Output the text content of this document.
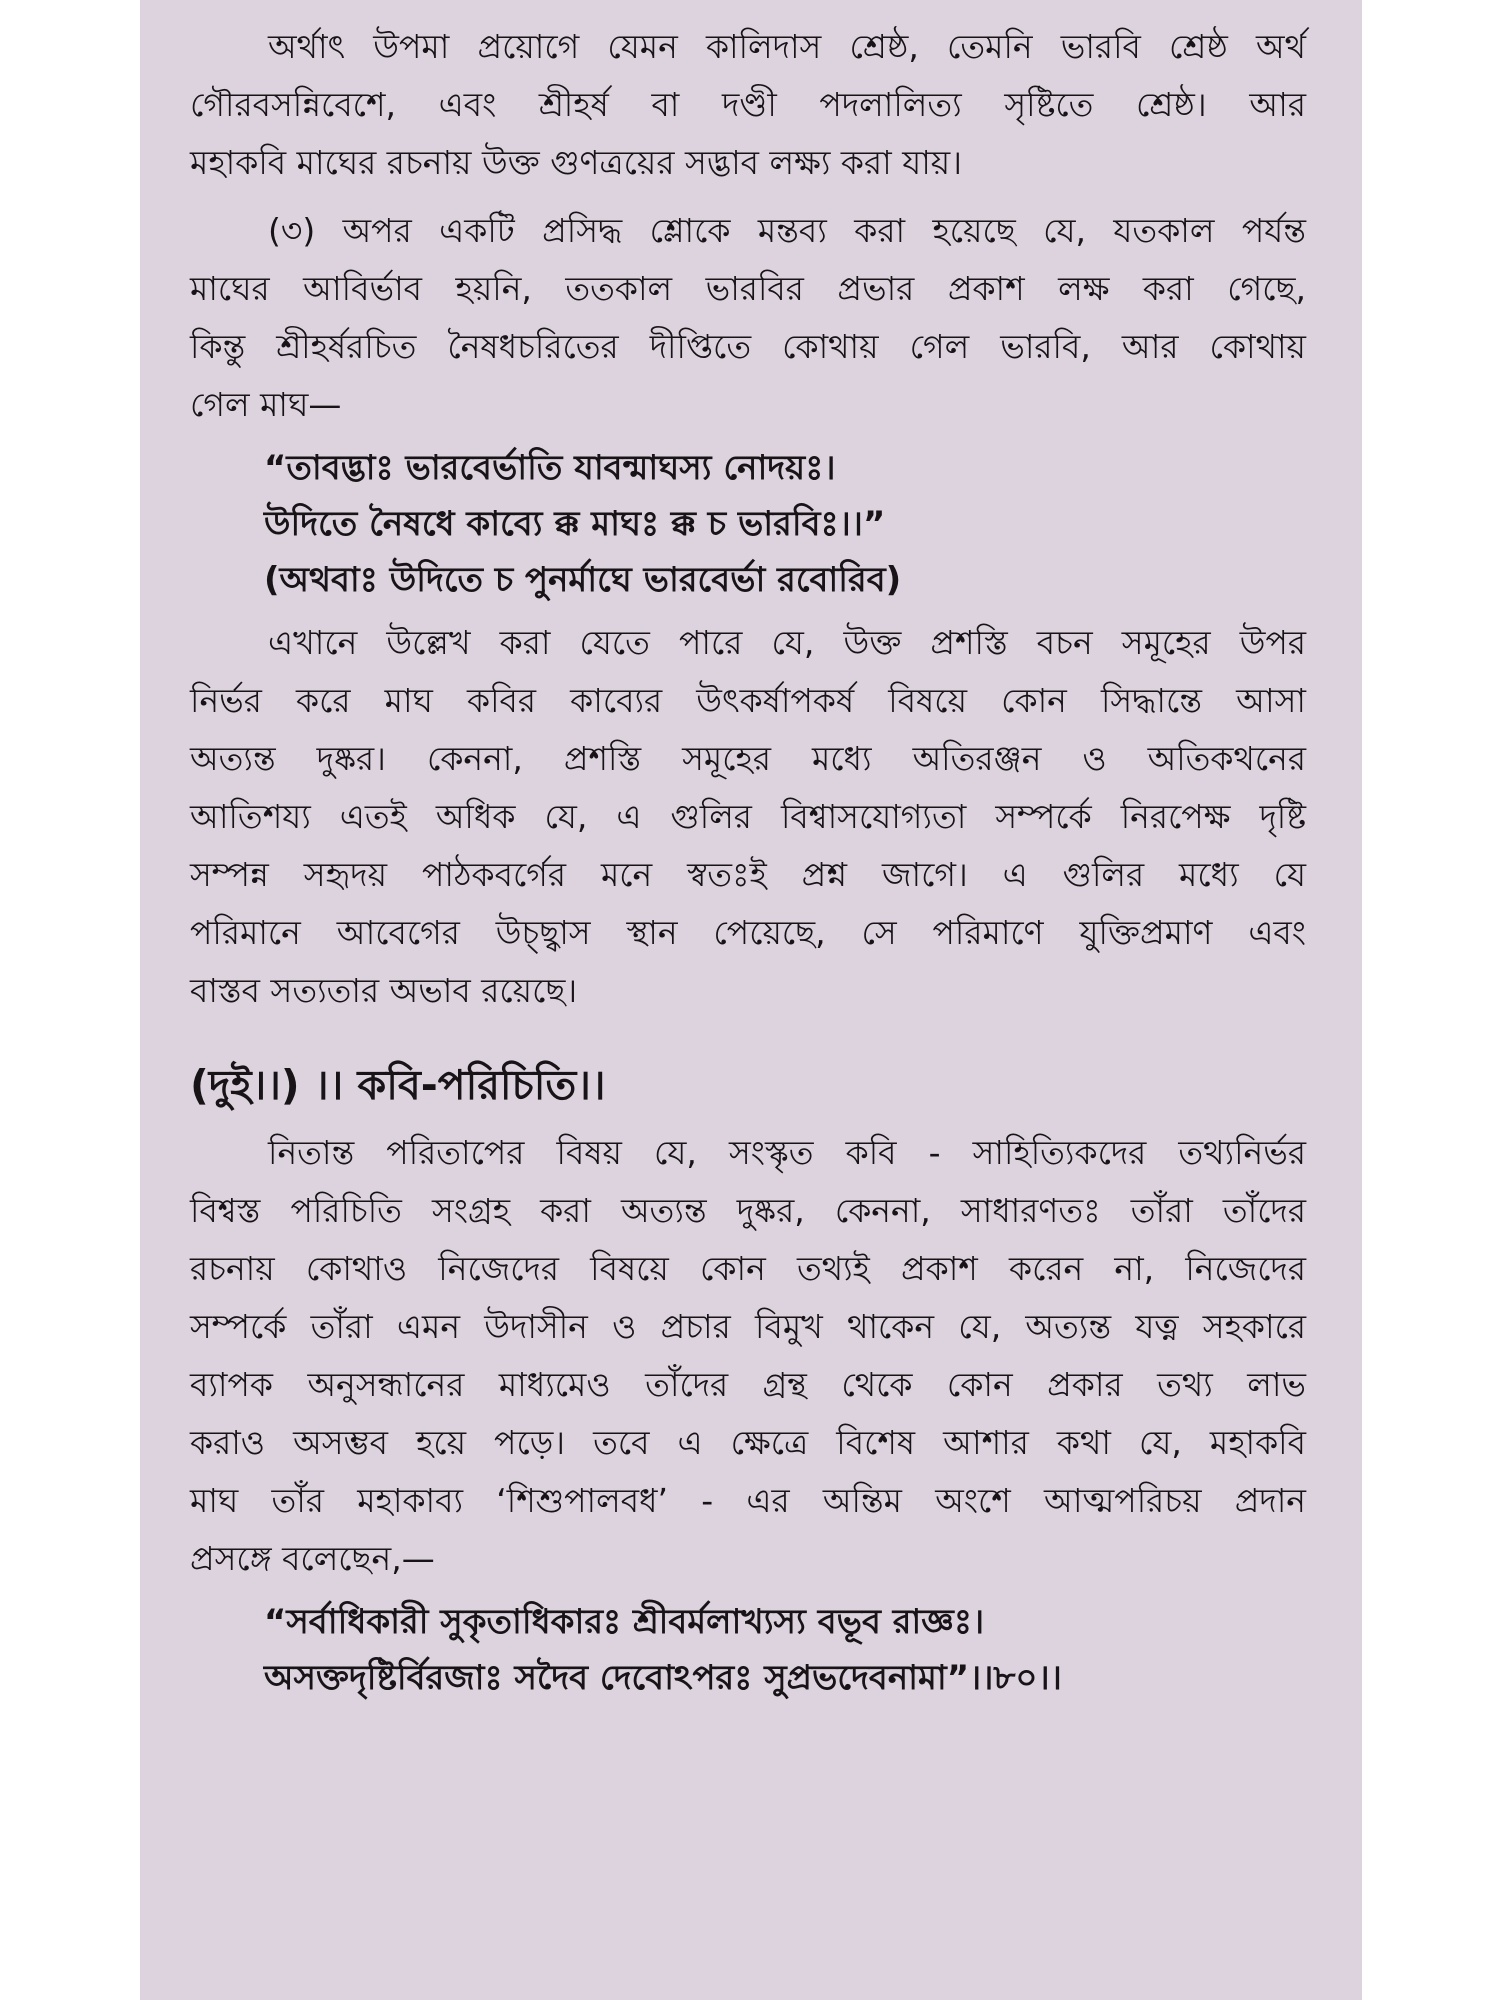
অর্থাৎ উপমা প্রয়োগে যেমন কালিদাস শ্রেষ্ঠ, তেমনি ভারবি শ্রেষ্ঠ অর্থ
গৌরবসন্নিবেশে, এবং শ্রীহর্ষ বা দণ্ডী পদলালিত্য সৃষ্টিতে শ্রেষ্ঠ। আর
মহাকবি মাঘের রচনায় উক্ত গুণত্রয়ের সদ্ভাব লক্ষ্য করা যায়।

(৩) অপর একটি প্রসিদ্ধ শ্লোকে মন্তব্য করা হয়েছে যে, যতকাল পর্যন্ত
মাঘের আবির্ভাব হয়নি, ততকাল ভারবির প্রভার প্রকাশ লক্ষ করা গেছে,
কিন্তু শ্রীহর্ষরচিত নৈষধচরিতের দীপ্তিতে কোথায় গেল ভারবি, আর কোথায়
গেল মাঘ—

“তাবদ্ভাঃ ভারবের্ভাতি যাবন্মাঘস্য নোদয়ঃ।
উদিতে নৈষধে কাব্যে ক্ক মাঘঃ ক্ক চ ভারবিঃ।।”
(অথবাঃ উদিতে চ পুনর্মাঘে ভারবের্ভা রবোরিব)

এখানে উল্লেখ করা যেতে পারে যে, উক্ত প্রশস্তি বচন সমূহের উপর
নির্ভর করে মাঘ কবির কাব্যের উৎকর্ষাপকর্ষ বিষয়ে কোন সিদ্ধান্তে আসা
অত্যন্ত দুষ্কর। কেননা, প্রশস্তি সমূহের মধ্যে অতিরঞ্জন ও অতিকথনের
আতিশয্য এতই অধিক যে, এ গুলির বিশ্বাসযোগ্যতা সম্পর্কে নিরপেক্ষ দৃষ্টি
সম্পন্ন সহৃদয় পাঠকবর্গের মনে স্বতঃই প্রশ্ন জাগে। এ গুলির মধ্যে যে
পরিমানে আবেগের উচ্ছ্বাস স্থান পেয়েছে, সে পরিমাণে যুক্তিপ্রমাণ এবং
বাস্তব সত্যতার অভাব রয়েছে।

(দুই।।) ।। কবি-পরিচিতি।।

নিতান্ত পরিতাপের বিষয় যে, সংস্কৃত কবি - সাহিত্যিকদের তথ্যনির্ভর
বিশ্বস্ত পরিচিতি সংগ্রহ করা অত্যন্ত দুষ্কর, কেননা, সাধারণতঃ তাঁরা তাঁদের
রচনায় কোথাও নিজেদের বিষয়ে কোন তথ্যই প্রকাশ করেন না, নিজেদের
সম্পর্কে তাঁরা এমন উদাসীন ও প্রচার বিমুখ থাকেন যে, অত্যন্ত যত্ন সহকারে
ব্যাপক অনুসন্ধানের মাধ্যমেও তাঁদের গ্রন্থ থেকে কোন প্রকার তথ্য লাভ
করাও অসম্ভব হয়ে পড়ে। তবে এ ক্ষেত্রে বিশেষ আশার কথা যে, মহাকবি
মাঘ তাঁর মহাকাব্য ‘শিশুপালবধ’ - এর অন্তিম অংশে আত্মপরিচয় প্রদান
প্রসঙ্গে বলেছেন,—

“সর্বাধিকারী সুকৃতাধিকারঃ শ্রীবর্মলাখ্যস্য বভূব রাজ্ঞঃ।
অসক্তদৃষ্টির্বিরজাঃ সদৈব দেবোঽপরঃ সুপ্রভদেবনামা”।।৮০।।
